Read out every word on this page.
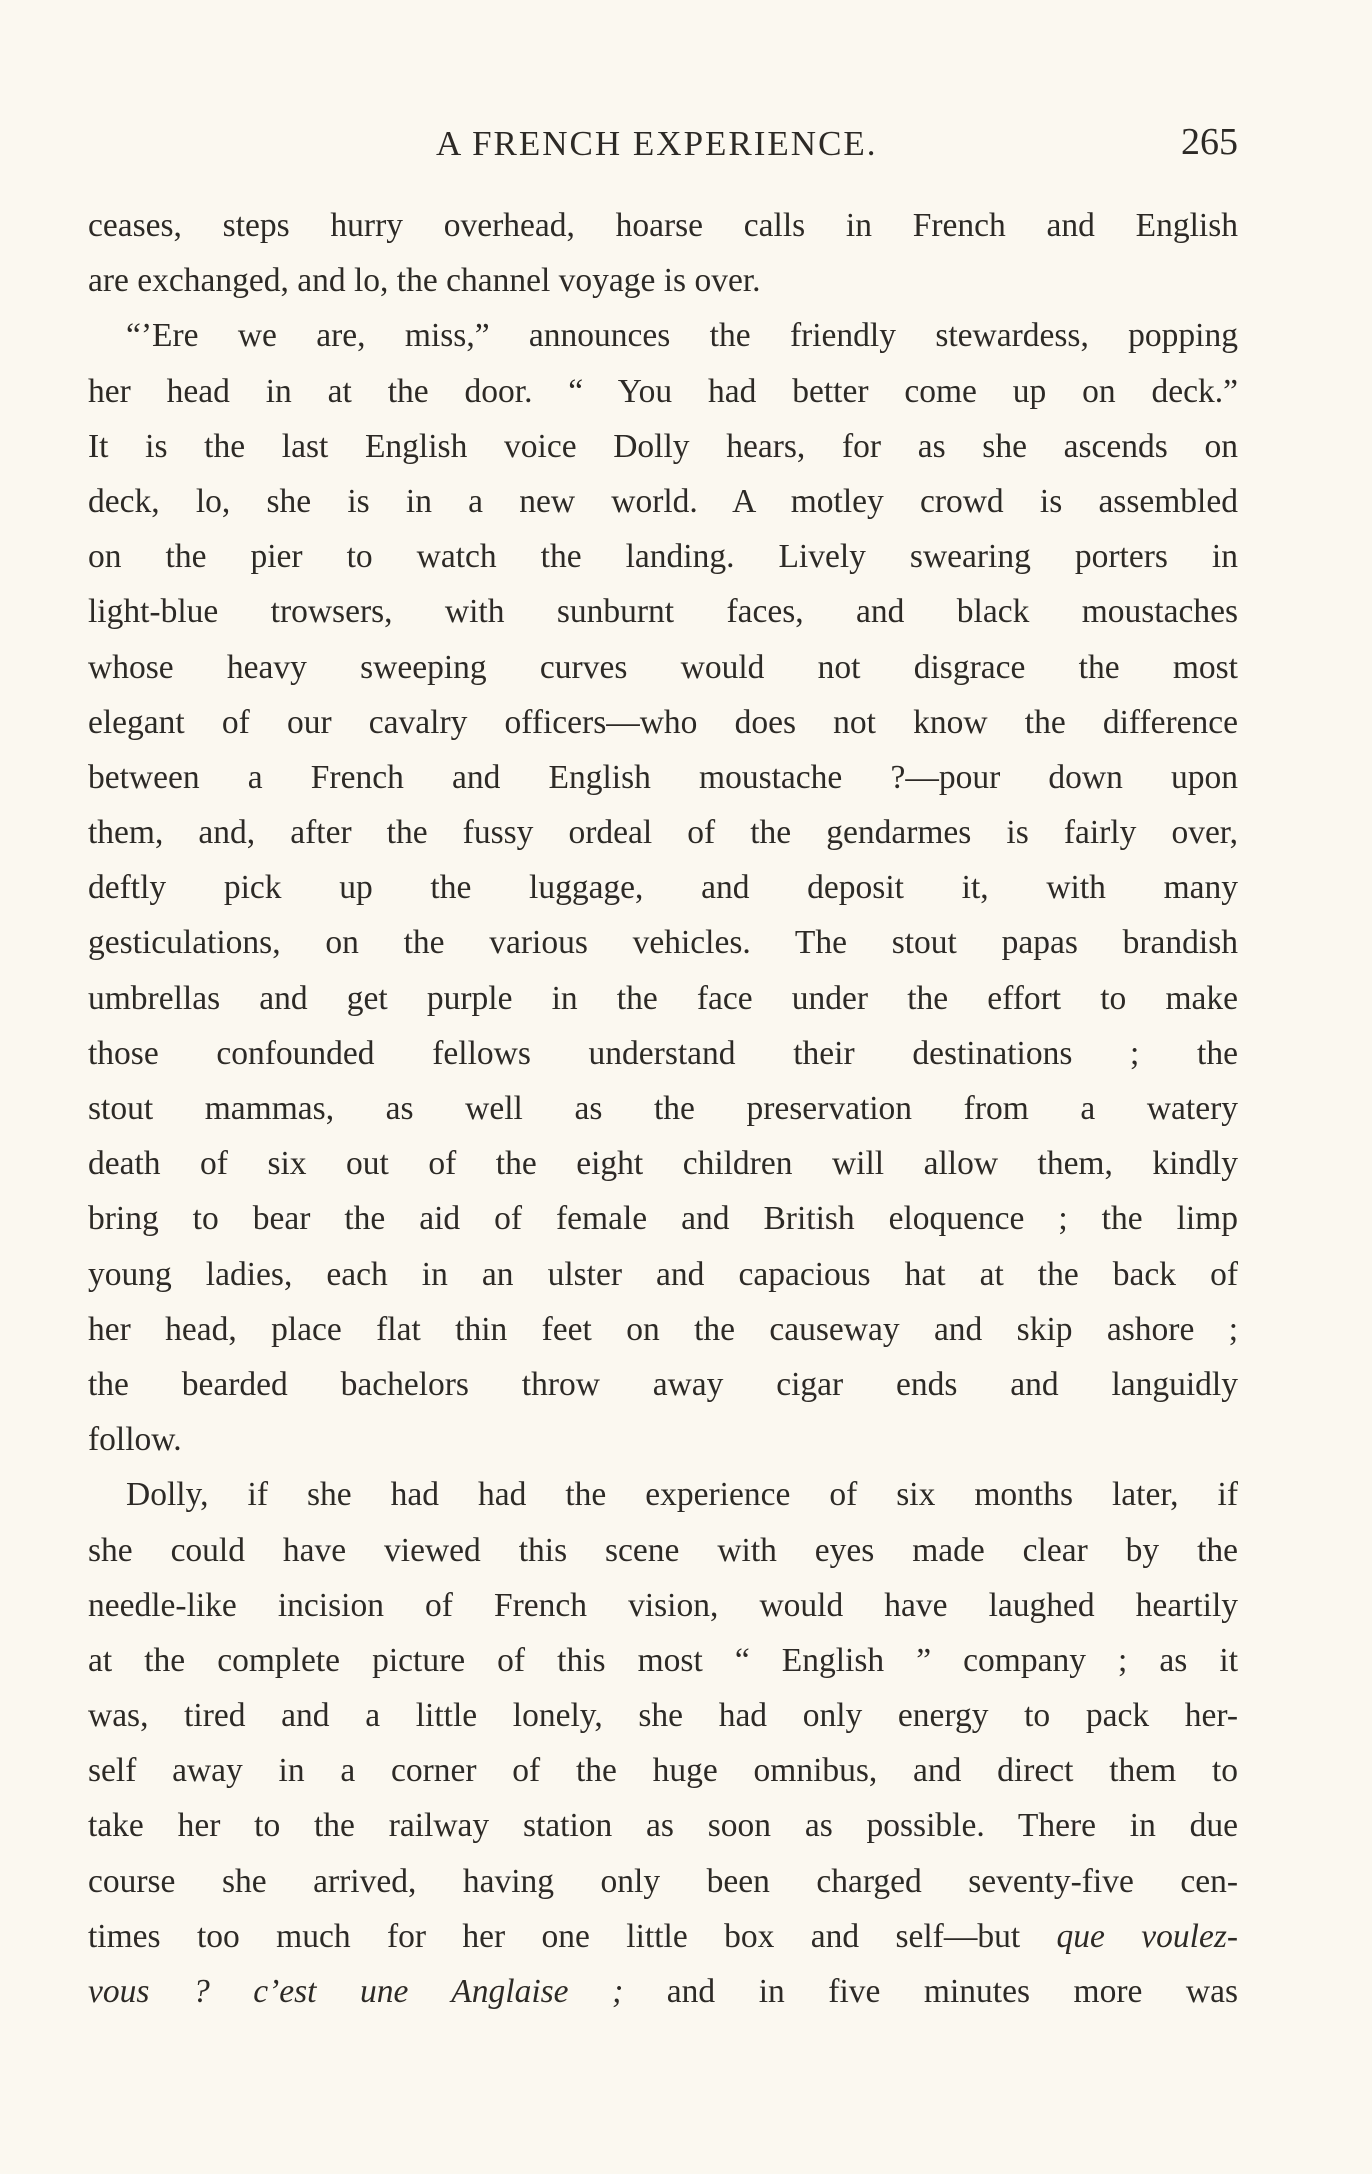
A FRENCH EXPERIENCE.	265
ceases, steps hurry overhead, hoarse calls in French and English
are exchanged, and lo, the channel voyage is over.
“’Ere we are, miss,” announces the friendly stewardess, popping
her head in at the door. “ You had better come up on deck.”
It is the last English voice Dolly hears, for as she ascends on
deck, lo, she is in a new world. A motley crowd is assembled
on the pier to watch the landing. Lively swearing porters in
light-blue trowsers, with sunburnt faces, and black moustaches
whose heavy sweeping curves would not disgrace the most
elegant of our cavalry officers—who does not know the difference
between a French and English moustache ?—pour down upon
them, and, after the fussy ordeal of the gendarmes is fairly over,
deftly pick up the luggage, and deposit it, with many
gesticulations, on the various vehicles. The stout papas brandish
umbrellas and get purple in the face under the effort to make
those confounded fellows understand their destinations ; the
stout mammas, as well as the preservation from a watery
death of six out of the eight children will allow them, kindly
bring to bear the aid of female and British eloquence ; the limp
young ladies, each in an ulster and capacious hat at the back of
her head, place flat thin feet on the causeway and skip ashore ;
the bearded bachelors throw away cigar ends and languidly
follow.
Dolly, if she had had the experience of six months later, if
she could have viewed this scene with eyes made clear by the
needle-like incision of French vision, would have laughed heartily
at the complete picture of this most “ English ” company ; as it
was, tired and a little lonely, she had only energy to pack her-
self away in a corner of the huge omnibus, and direct them to
take her to the railway station as soon as possible. There in due
course she arrived, having only been charged seventy-five cen-
times too much for her one little box and self—but que voulez-
vous ? c’est une Anglaise ; and in five minutes more was
